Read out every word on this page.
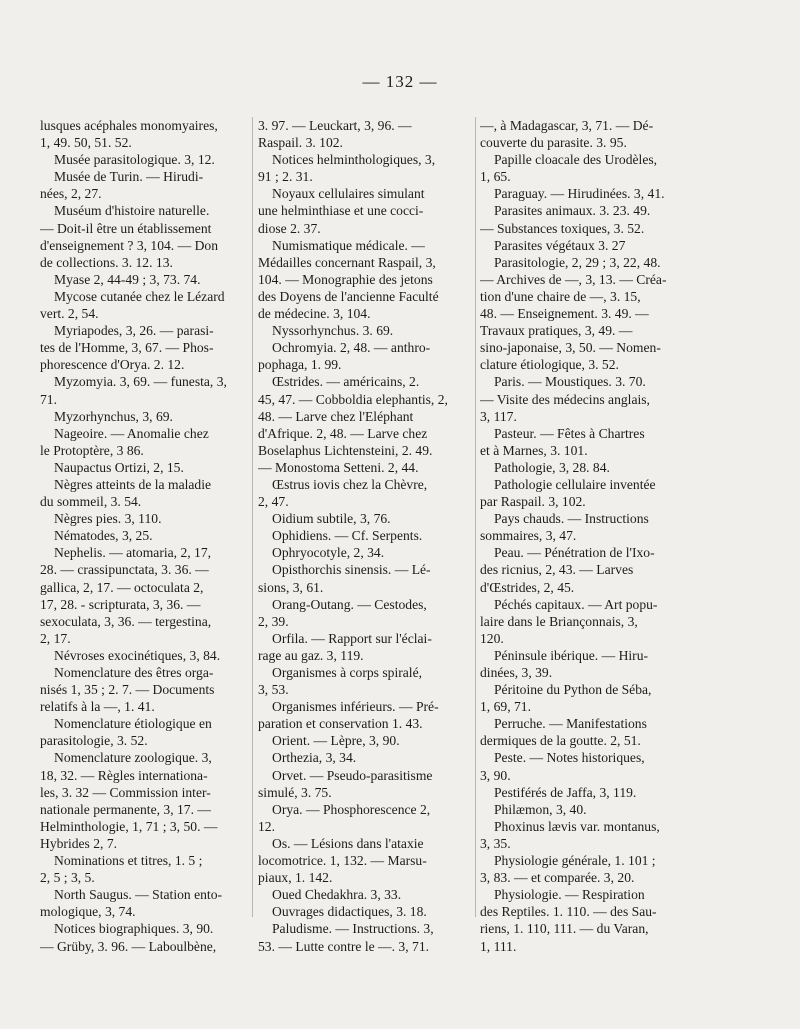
— 132 —
lusques acéphales monomyaires,
1, 49. 50, 51. 52.
Musée parasitologique. 3, 12.
Musée de Turin. — Hirudi-
nées, 2, 27.
Muséum d'histoire naturelle.
— Doit-il être un établissement
d'enseignement ? 3, 104. — Don
de collections. 3. 12. 13.
Myase 2, 44-49 ; 3, 73. 74.
Mycose cutanée chez le Lézard
vert. 2, 54.
Myriapodes, 3, 26. — parasi-
tes de l'Homme, 3, 67. — Phos-
phorescence d'Orya. 2. 12.
Myzomyia. 3, 69. — funesta, 3,
71.
Myzorhynchus, 3, 69.
Nageoire. — Anomalie chez
le Protoptère, 3 86.
Naupactus Ortizi, 2, 15.
Nègres atteints de la maladie
du sommeil, 3. 54.
Nègres pies. 3, 110.
Nématodes, 3, 25.
Nephelis. — atomaria, 2, 17,
28. — crassipunctata, 3. 36. —
gallica, 2, 17. — octoculata 2,
17, 28. - scripturata, 3, 36. —
sexoculata, 3, 36. — tergestina,
2, 17.
Névroses exocinétiques, 3, 84.
Nomenclature des êtres orga-
nisés 1, 35 ; 2. 7. — Documents
relatifs à la —, 1. 41.
Nomenclature étiologique en
parasitologie, 3. 52.
Nomenclature zoologique. 3,
18, 32. — Règles internationa-
les, 3. 32 — Commission inter-
nationale permanente, 3, 17. —
Helminthologie, 1, 71 ; 3, 50. —
Hybrides 2, 7.
Nominations et titres, 1. 5 ;
2, 5 ; 3, 5.
North Saugus. — Station ento-
mologique, 3, 74.
Notices biographiques. 3, 90.
— Grüby, 3. 96. — Laboulbène,
3. 97. — Leuckart, 3, 96. —
Raspail. 3. 102.
Notices helminthologiques, 3,
91 ; 2. 31.
Noyaux cellulaires simulant
une helminthiase et une cocci-
diose 2. 37.
Numismatique médicale. —
Médailles concernant Raspail, 3,
104. — Monographie des jetons
des Doyens de l'ancienne Faculté
de médecine. 3, 104.
Nyssorhynchus. 3. 69.
Ochromyia. 2, 48. — anthro-
pophaga, 1. 99.
Œstrides. — américains, 2.
45, 47. — Cobboldia elephantis, 2,
48. — Larve chez l'Eléphant
d'Afrique. 2, 48. — Larve chez
Boselaphus Lichtensteini, 2. 49.
— Monostoma Setteni. 2, 44.
Œstrus iovis chez la Chèvre,
2, 47.
Oidium subtile, 3, 76.
Ophidiens. — Cf. Serpents.
Ophryocotyle, 2, 34.
Opisthorchis sinensis. — Lé-
sions, 3, 61.
Orang-Outang. — Cestodes,
2, 39.
Orfila. — Rapport sur l'éclai-
rage au gaz. 3, 119.
Organismes à corps spiralé,
3, 53.
Organismes inférieurs. — Pré-
paration et conservation 1. 43.
Orient. — Lèpre, 3, 90.
Orthezia, 3, 34.
Orvet. — Pseudo-parasitisme
simulé, 3. 75.
Orya. — Phosphorescence 2,
12.
Os. — Lésions dans l'ataxie
locomotrice. 1, 132. — Marsu-
piaux, 1. 142.
Oued Chedakhra. 3, 33.
Ouvrages didactiques, 3. 18.
Paludisme. — Instructions. 3,
53. — Lutte contre le —. 3, 71.
—, à Madagascar, 3, 71. — Dé-
couverte du parasite. 3. 95.
Papille cloacale des Urodèles,
1, 65.
Paraguay. — Hirudinées. 3, 41.
Parasites animaux. 3. 23. 49.
— Substances toxiques, 3. 52.
Parasites végétaux 3. 27
Parasitologie, 2, 29 ; 3, 22, 48.
— Archives de —, 3, 13. — Créa-
tion d'une chaire de —, 3. 15,
48. — Enseignement. 3. 49. —
Travaux pratiques, 3, 49. —
sino-japonaise, 3, 50. — Nomen-
clature étiologique, 3. 52.
Paris. — Moustiques. 3. 70.
— Visite des médecins anglais,
3, 117.
Pasteur. — Fêtes à Chartres
et à Marnes, 3. 101.
Pathologie, 3, 28. 84.
Pathologie cellulaire inventée
par Raspail. 3, 102.
Pays chauds. — Instructions
sommaires, 3, 47.
Peau. — Pénétration de l'Ixo-
des ricnius, 2, 43. — Larves
d'Œstrides, 2, 45.
Péchés capitaux. — Art popu-
laire dans le Briançonnais, 3,
120.
Péninsule ibérique. — Hiru-
dinées, 3, 39.
Péritoine du Python de Séba,
1, 69, 71.
Perruche. — Manifestations
dermiques de la goutte. 2, 51.
Peste. — Notes historiques,
3, 90.
Pestiférés de Jaffa, 3, 119.
Philæmon, 3, 40.
Phoxinus lævis var. montanus,
3, 35.
Physiologie générale, 1. 101 ;
3, 83. — et comparée. 3, 20.
Physiologie. — Respiration
des Reptiles. 1. 110. — des Sau-
riens, 1. 110, 111. — du Varan,
1, 111.
